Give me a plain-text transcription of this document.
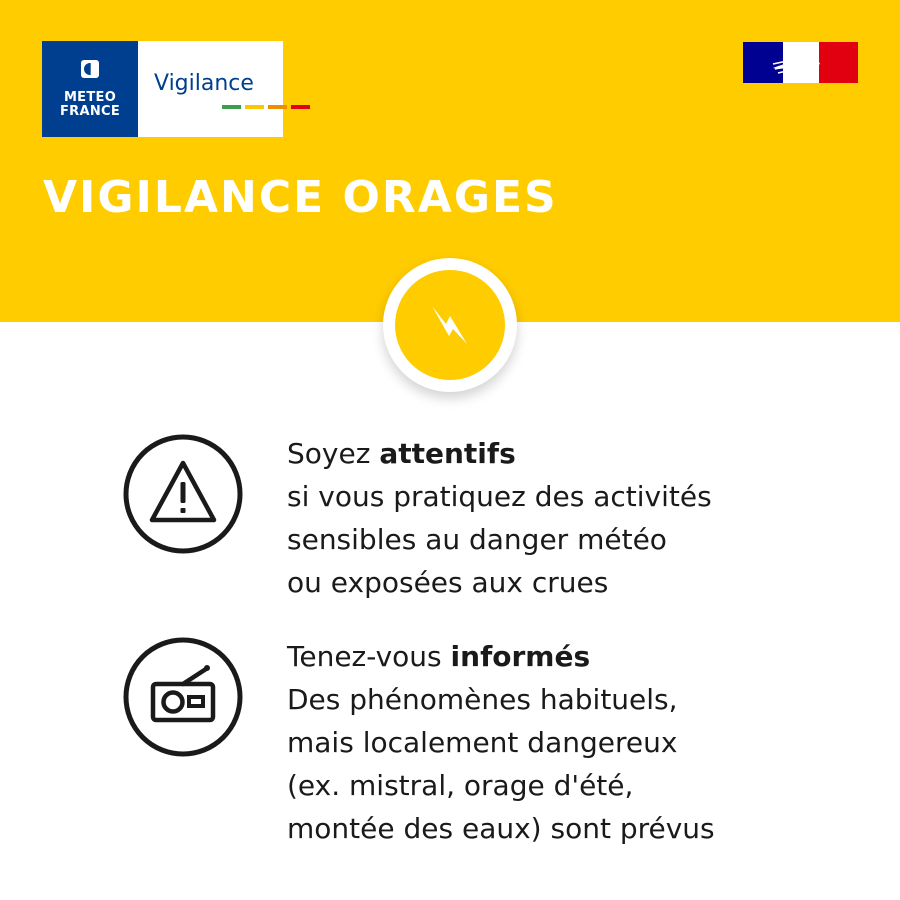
METEO
FRANCE
Vigilance
VIGILANCE ORAGES
Soyez attentifs
si vous pratiquez des activités
sensibles au danger météo
ou exposées aux crues
Tenez-vous informés
Des phénomènes habituels,
mais localement dangereux
(ex. mistral, orage d'été,
montée des eaux) sont prévus
